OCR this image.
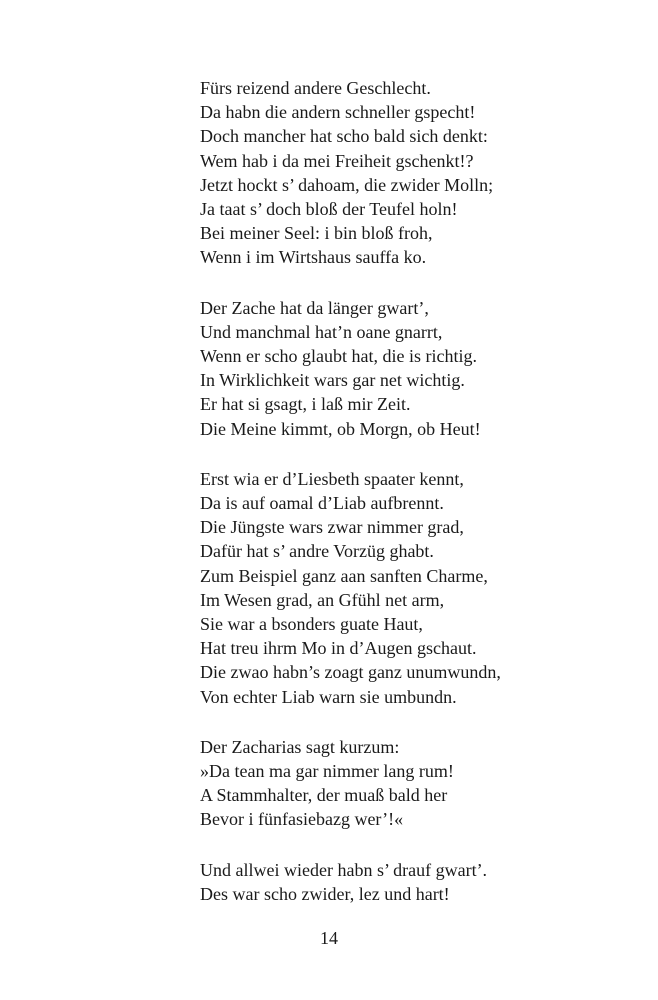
Fürs reizend andere Geschlecht.
Da habn die andern schneller gspecht!
Doch mancher hat scho bald sich denkt:
Wem hab i da mei Freiheit gschenkt!?
Jetzt hockt s’ dahoam, die zwider Molln;
Ja taat s’ doch bloß der Teufel holn!
Bei meiner Seel: i bin bloß froh,
Wenn i im Wirtshaus sauffa ko.
Der Zache hat da länger gwart’,
Und manchmal hat’n oane gnarrt,
Wenn er scho glaubt hat, die is richtig.
In Wirklichkeit wars gar net wichtig.
Er hat si gsagt, i laß mir Zeit.
Die Meine kimmt, ob Morgn, ob Heut!
Erst wia er d’Liesbeth spaater kennt,
Da is auf oamal d’Liab aufbrennt.
Die Jüngste wars zwar nimmer grad,
Dafür hat s’ andre Vorzüg ghabt.
Zum Beispiel ganz aan sanften Charme,
Im Wesen grad, an Gfühl net arm,
Sie war a bsonders guate Haut,
Hat treu ihrm Mo in d’Augen gschaut.
Die zwao habn’s zoagt ganz unumwundn,
Von echter Liab warn sie umbundn.
Der Zacharias sagt kurzum:
»Da tean ma gar nimmer lang rum!
A Stammhalter, der muaß bald her
Bevor i fünfasiebazg wer’!«
Und allwei wieder habn s’ drauf gwart’.
Des war scho zwider, lez und hart!
14
